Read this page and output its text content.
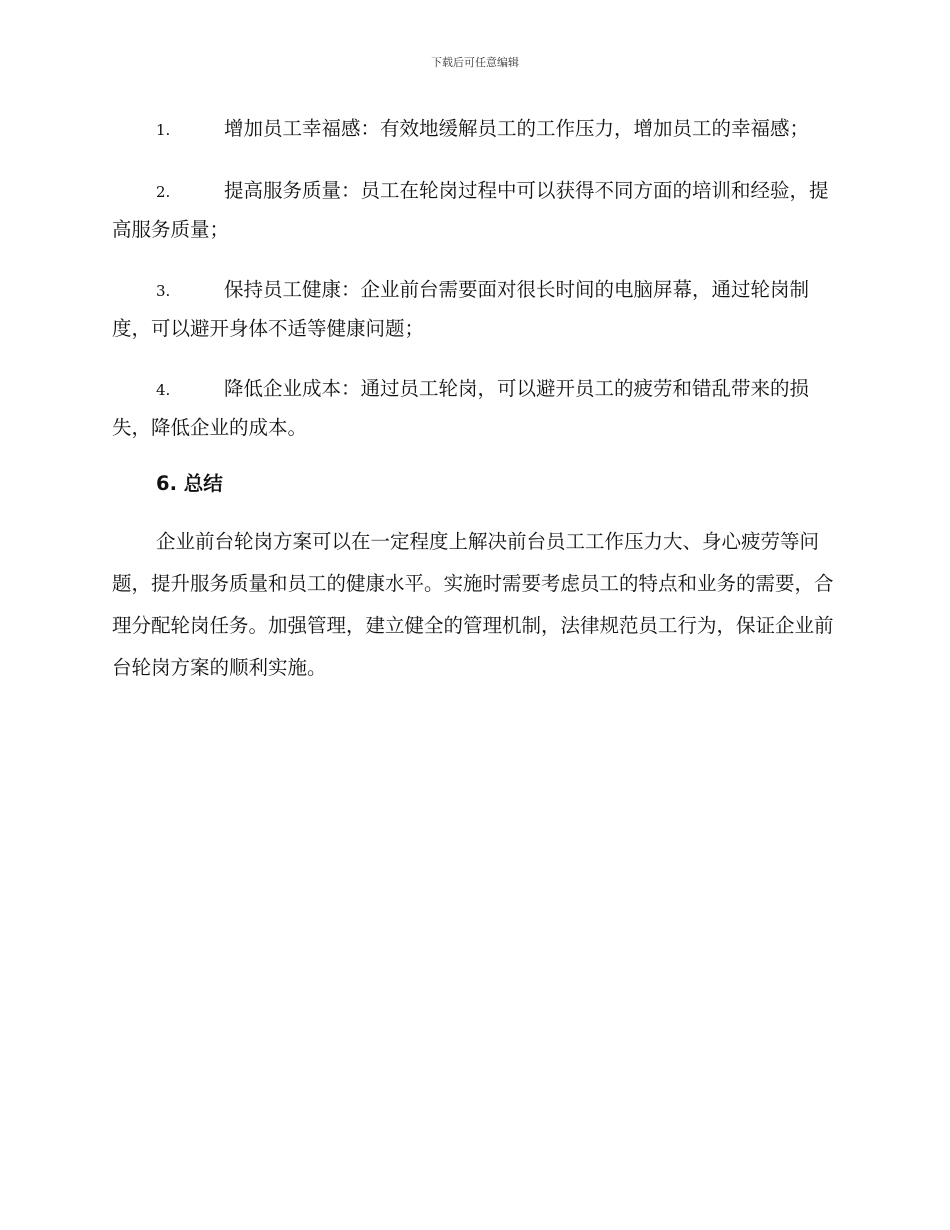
下载后可任意编辑
1.	增加员工幸福感：有效地缓解员工的工作压力，增加员工的幸福感；
2.	提高服务质量：员工在轮岗过程中可以获得不同方面的培训和经验，提高服务质量；
3.	保持员工健康：企业前台需要面对很长时间的电脑屏幕，通过轮岗制度，可以避开身体不适等健康问题；
4.	降低企业成本：通过员工轮岗，可以避开员工的疲劳和错乱带来的损失，降低企业的成本。
6. 总结

企业前台轮岗方案可以在一定程度上解决前台员工工作压力大、身心疲劳等问题，提升服务质量和员工的健康水平。实施时需要考虑员工的特点和业务的需要，合理分配轮岗任务。加强管理，建立健全的管理机制，法律规范员工行为，保证企业前台轮岗方案的顺利实施。
